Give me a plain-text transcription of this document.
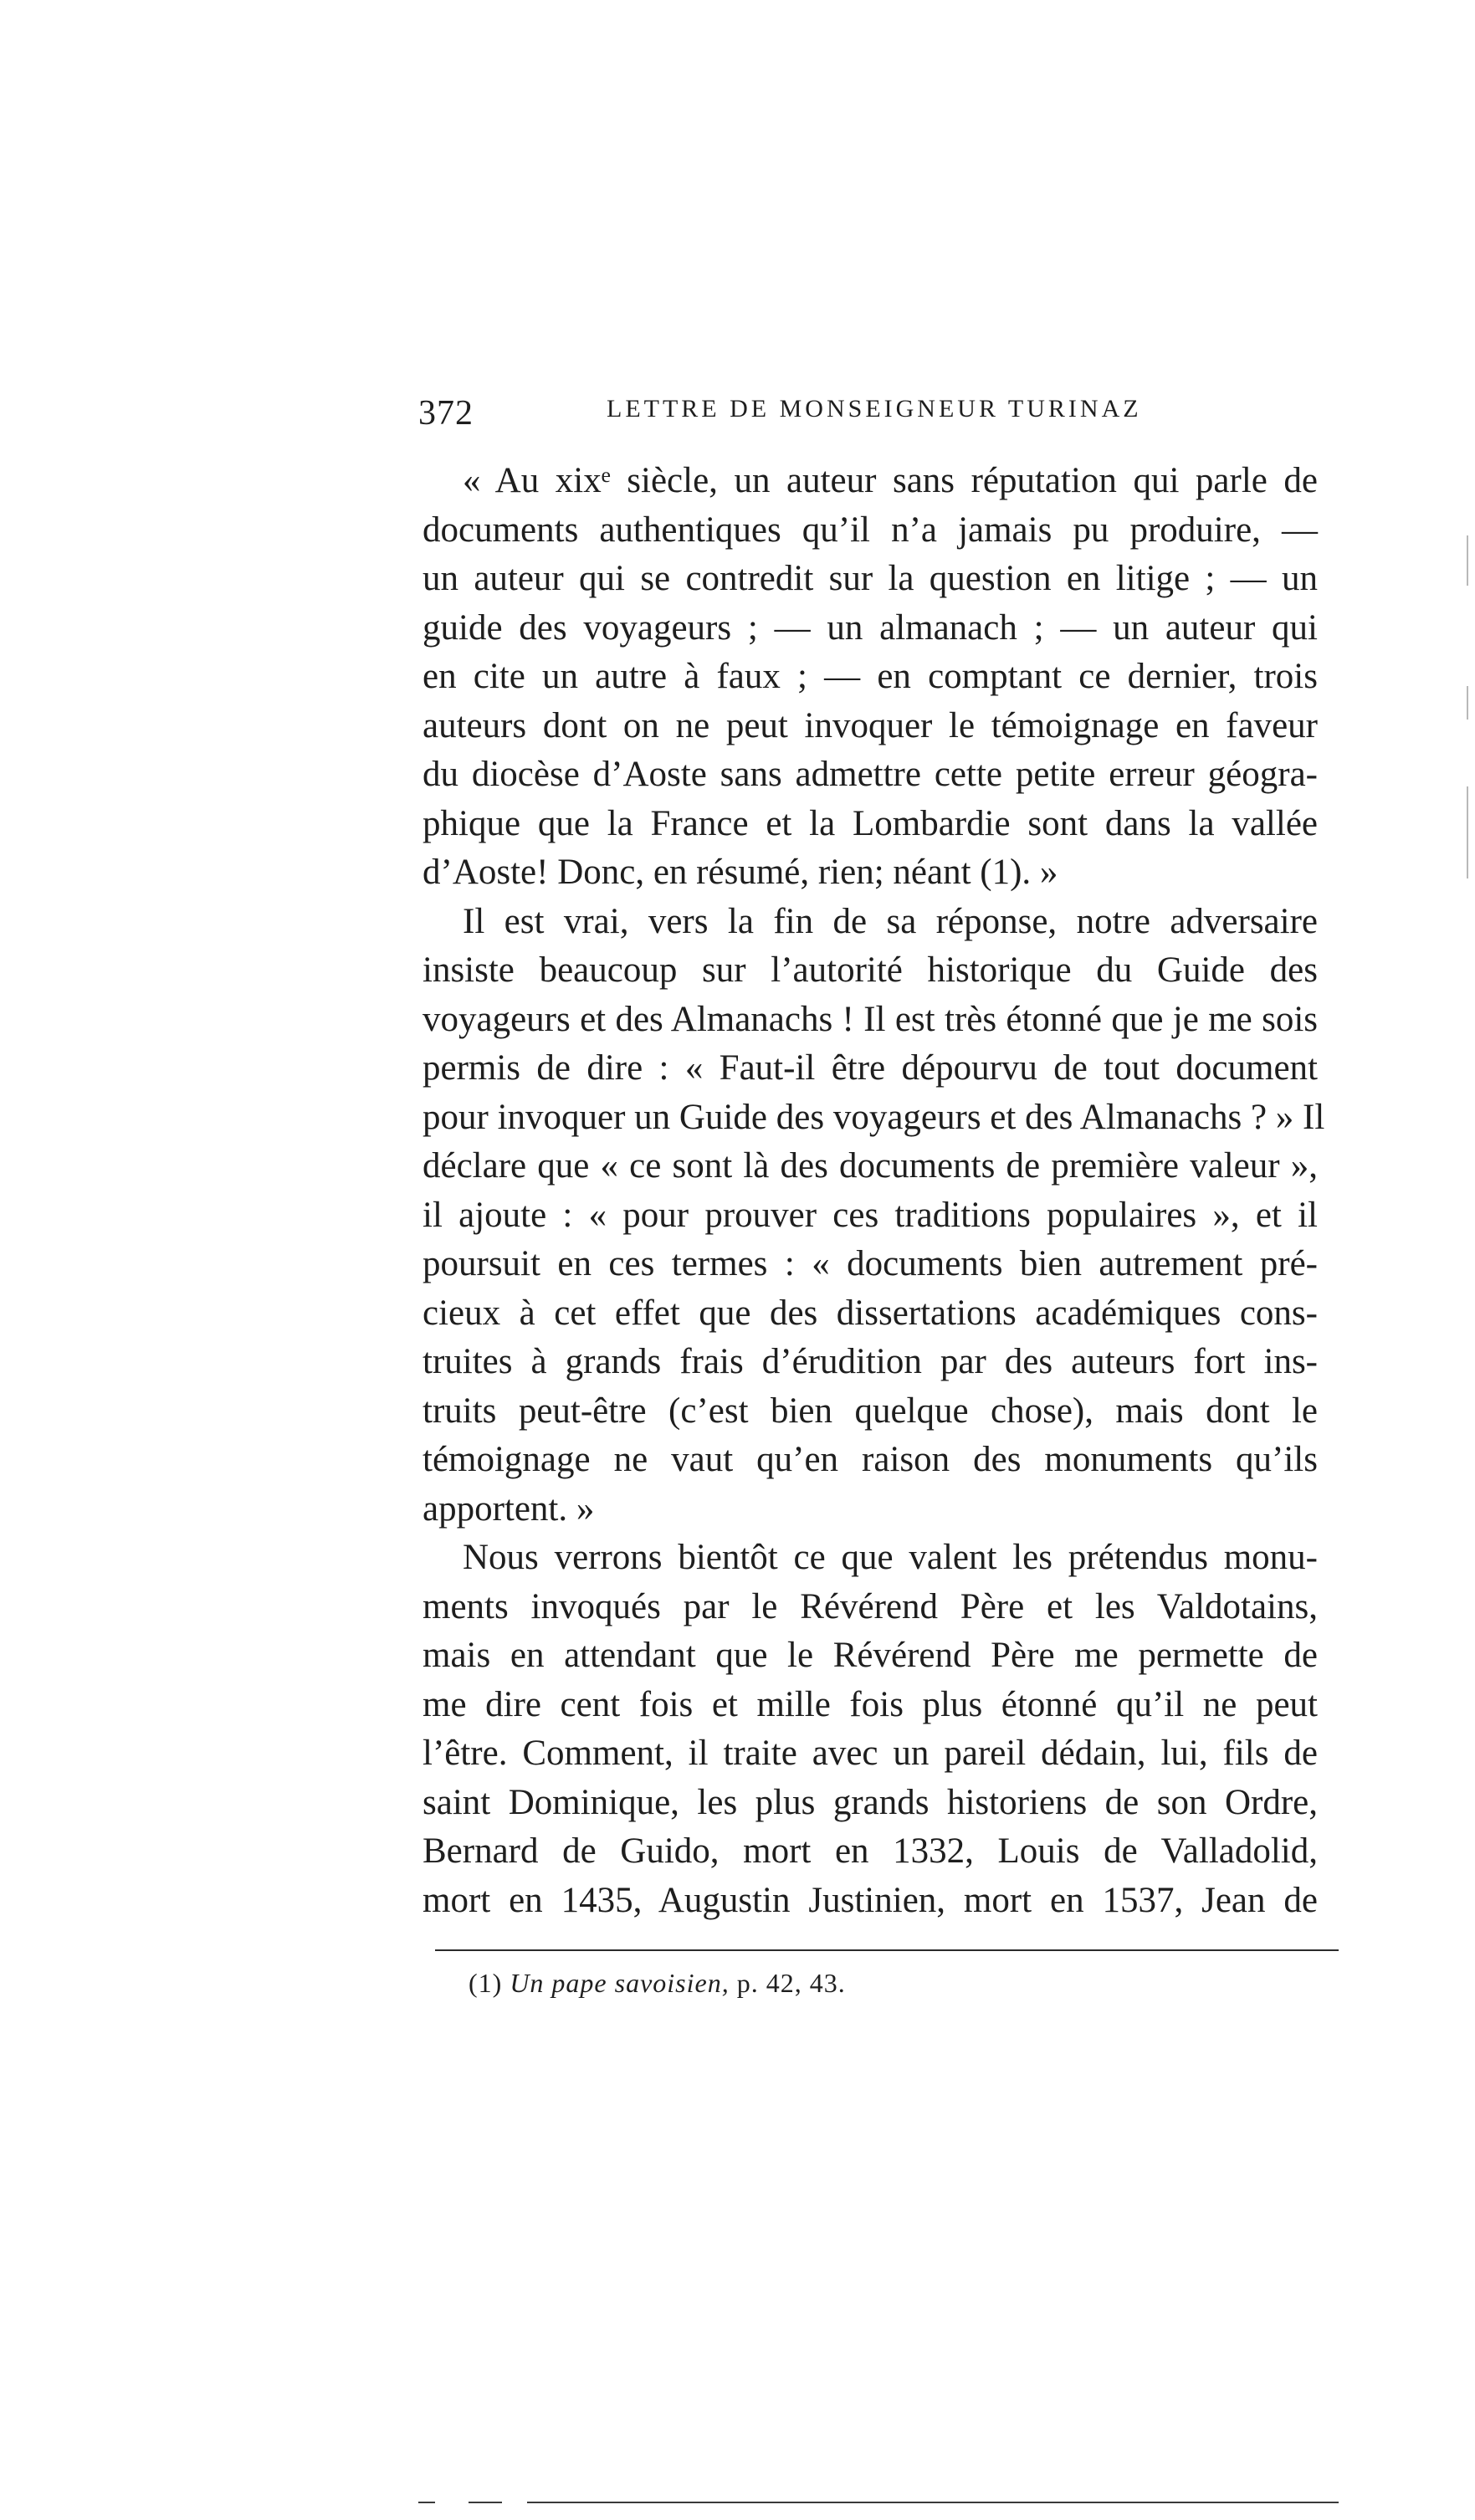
372	LETTRE DE MONSEIGNEUR TURINAZ
« Au xixᵉ siècle, un auteur sans réputation qui parle de
documents authentiques qu’il n’a jamais pu produire, —
un auteur qui se contredit sur la question en litige ; — un
guide des voyageurs ; — un almanach ; — un auteur qui
en cite un autre à faux ; — en comptant ce dernier, trois
auteurs dont on ne peut invoquer le témoignage en faveur
du diocèse d’Aoste sans admettre cette petite erreur géogra-
phique que la France et la Lombardie sont dans la vallée
d’Aoste! Donc, en résumé, rien; néant (1). »
Il est vrai, vers la fin de sa réponse, notre adversaire
insiste beaucoup sur l’autorité historique du Guide des
voyageurs et des Almanachs ! Il est très étonné que je me sois
permis de dire : « Faut-il être dépourvu de tout document
pour invoquer un Guide des voyageurs et des Almanachs ? » Il
déclare que « ce sont là des documents de première valeur »,
il ajoute : « pour prouver ces traditions populaires », et il
poursuit en ces termes : « documents bien autrement pré-
cieux à cet effet que des dissertations académiques cons-
truites à grands frais d’érudition par des auteurs fort ins-
truits peut-être (c’est bien quelque chose), mais dont le
témoignage ne vaut qu’en raison des monuments qu’ils
apportent. »
Nous verrons bientôt ce que valent les prétendus monu-
ments invoqués par le Révérend Père et les Valdotains,
mais en attendant que le Révérend Père me permette de
me dire cent fois et mille fois plus étonné qu’il ne peut
l’être. Comment, il traite avec un pareil dédain, lui, fils de
saint Dominique, les plus grands historiens de son Ordre,
Bernard de Guido, mort en 1332, Louis de Valladolid,
mort en 1435, Augustin Justinien, mort en 1537, Jean de
(1) Un pape savoisien, p. 42, 43.
